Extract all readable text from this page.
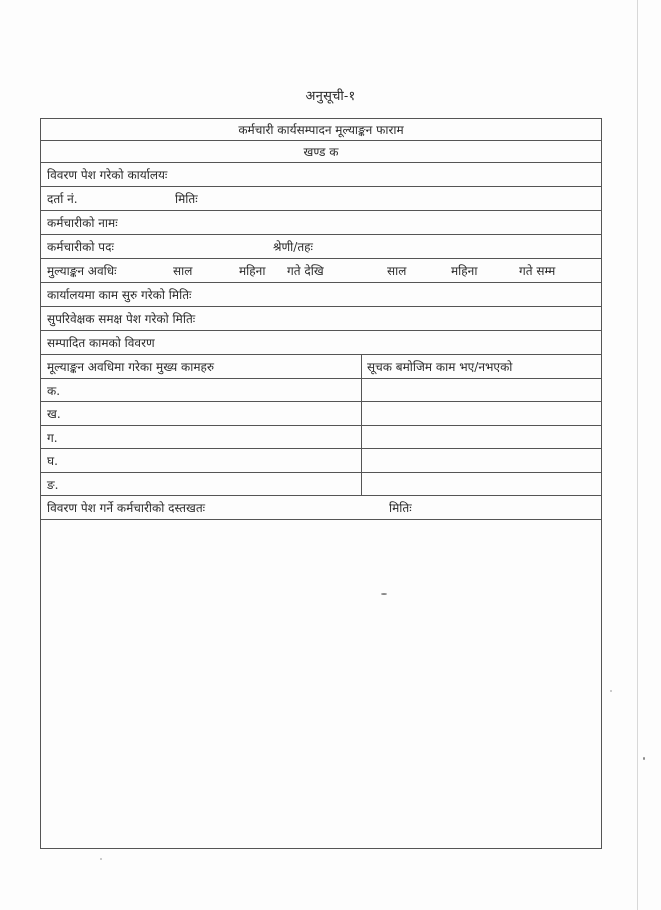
अनुसूची-१
कर्मचारी कार्यसम्पादन मूल्याङ्कन फाराम
खण्ड क
विवरण पेश गरेको कार्यालयः
दर्ता नं.	मितिः
कर्मचारीको नामः
कर्मचारीको पदः	श्रेणी/तहः
मुल्याङ्कन अवधिः	साल	महिना गते देखि	साल	महिना	गते सम्म
कार्यालयमा काम सुरु गरेको मितिः
सुपरिवेक्षक समक्ष पेश गरेको मितिः
सम्पादित कामको विवरण
मूल्याङ्कन अवधिमा गरेका मुख्य कामहरु	सूचक बमोजिम काम भए/नभएको
क.
ख.
ग.
घ.
ङ.
विवरण पेश गर्ने कर्मचारीको दस्तखतः	मितिः
